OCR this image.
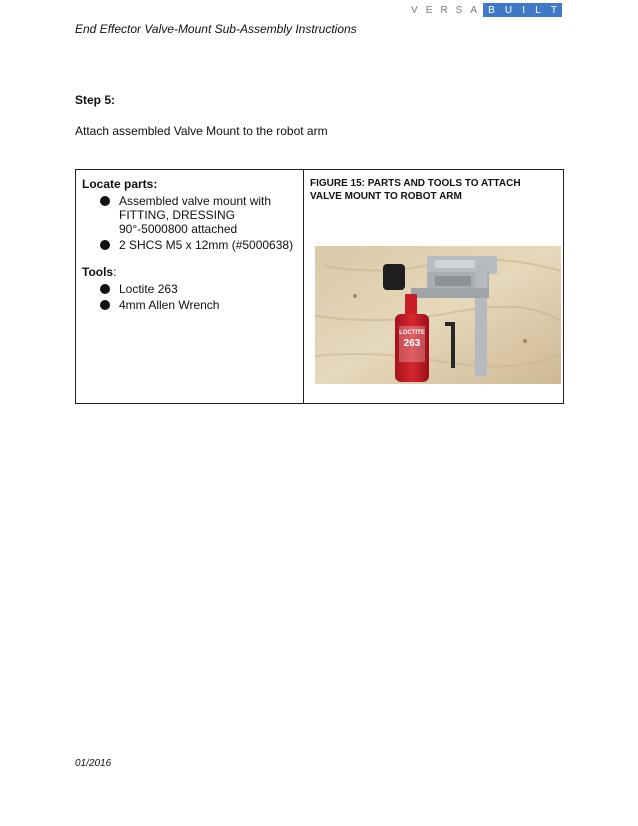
End Effector Valve-Mount Sub-Assembly Instructions
V E R S A B U I L T
Step 5:
Attach assembled Valve Mount to the robot arm
Locate parts:
Assembled valve mount with FITTING, DRESSING 90°-5000800 attached
2 SHCS M5 x 12mm (#5000638)
Tools:
Loctite 263
4mm Allen Wrench
FIGURE 15: PARTS AND TOOLS TO ATTACH VALVE MOUNT TO ROBOT ARM
LOCTITE
263
01/2016
